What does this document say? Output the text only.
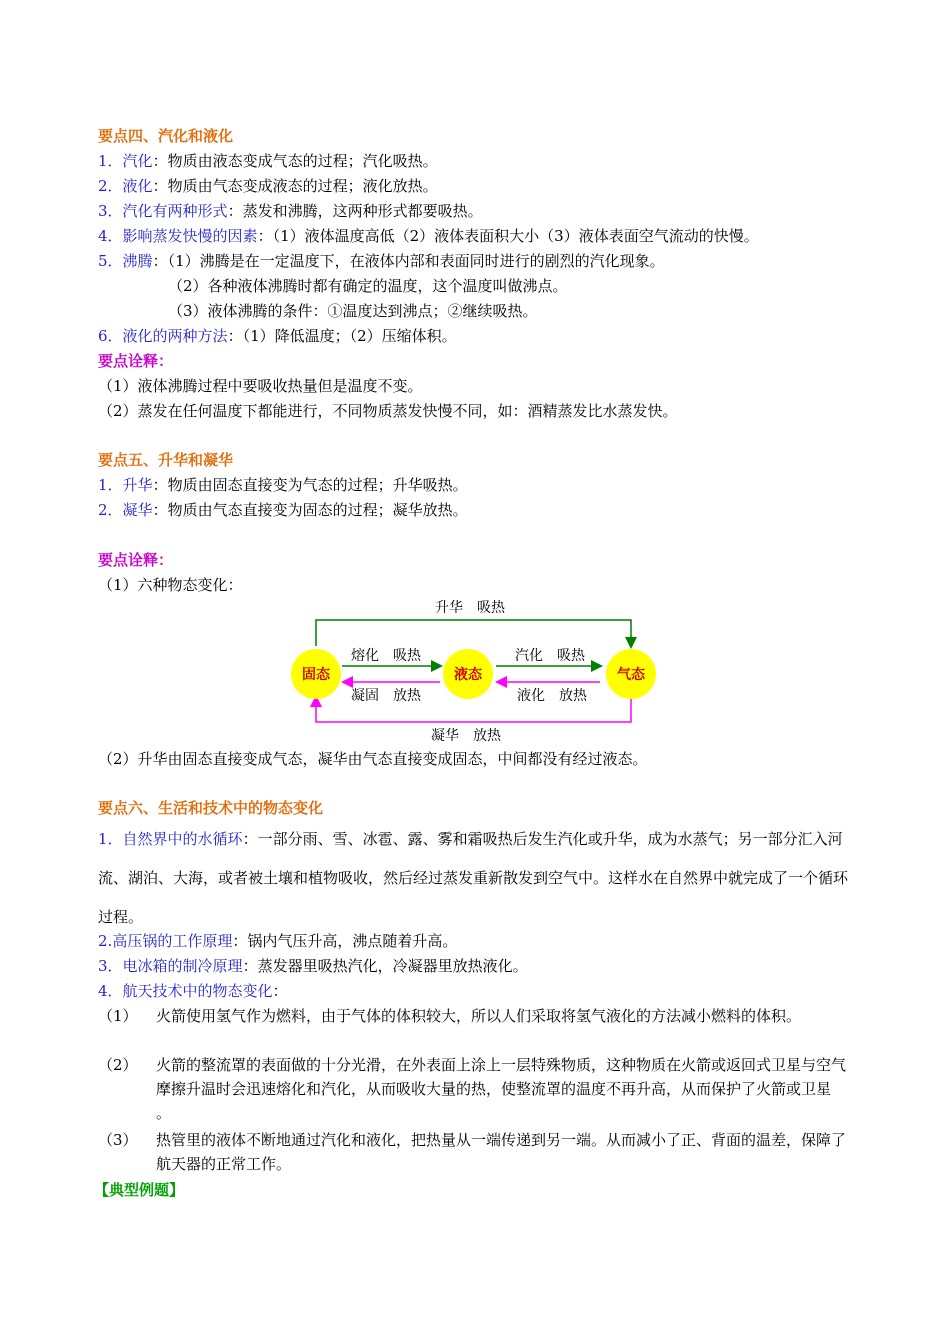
要点四、汽化和液化
1．汽化：物质由液态变成气态的过程；汽化吸热。
2．液化：物质由气态变成液态的过程；液化放热。
3．汽化有两种形式：蒸发和沸腾，这两种形式都要吸热。
4．影响蒸发快慢的因素：（1）液体温度高低（2）液体表面积大小（3）液体表面空气流动的快慢。
5．沸腾：（1）沸腾是在一定温度下，在液体内部和表面同时进行的剧烈的汽化现象。
（2）各种液体沸腾时都有确定的温度，这个温度叫做沸点。
（3）液体沸腾的条件：①温度达到沸点；②继续吸热。
6．液化的两种方法：（1）降低温度；（2）压缩体积。
要点诠释：
（1）液体沸腾过程中要吸收热量但是温度不变。
（2）蒸发在任何温度下都能进行，不同物质蒸发快慢不同，如：酒精蒸发比水蒸发快。
要点五、升华和凝华
1．升华：物质由固态直接变为气态的过程；升华吸热。
2．凝华：物质由气态直接变为固态的过程；凝华放热。
要点诠释：
（1）六种物态变化：
固态	液态	气态
升华　吸热
熔化　吸热
凝固　放热
汽化　吸热
液化　放热
凝华　放热
（2）升华由固态直接变成气态，凝华由气态直接变成固态，中间都没有经过液态。
要点六、生活和技术中的物态变化
1．自然界中的水循环：一部分雨、雪、冰雹、露、雾和霜吸热后发生汽化或升华，成为水蒸气；另一部分汇入河流、湖泊、大海，或者被土壤和植物吸收，然后经过蒸发重新散发到空气中。这样水在自然界中就完成了一个循环过程。
2.高压锅的工作原理：锅内气压升高，沸点随着升高。
3．电冰箱的制冷原理：蒸发器里吸热汽化，冷凝器里放热液化。
4．航天技术中的物态变化：
（1） 火箭使用氢气作为燃料，由于气体的体积较大，所以人们采取将氢气液化的方法减小燃料的体积。
（2） 火箭的整流罩的表面做的十分光滑，在外表面上涂上一层特殊物质，这种物质在火箭或返回式卫星与空气摩擦升温时会迅速熔化和汽化，从而吸收大量的热，使整流罩的温度不再升高，从而保护了火箭或卫星 。
（3） 热管里的液体不断地通过汽化和液化，把热量从一端传递到另一端。从而减小了正、背面的温差，保障了航天器的正常工作。
【典型例题】
